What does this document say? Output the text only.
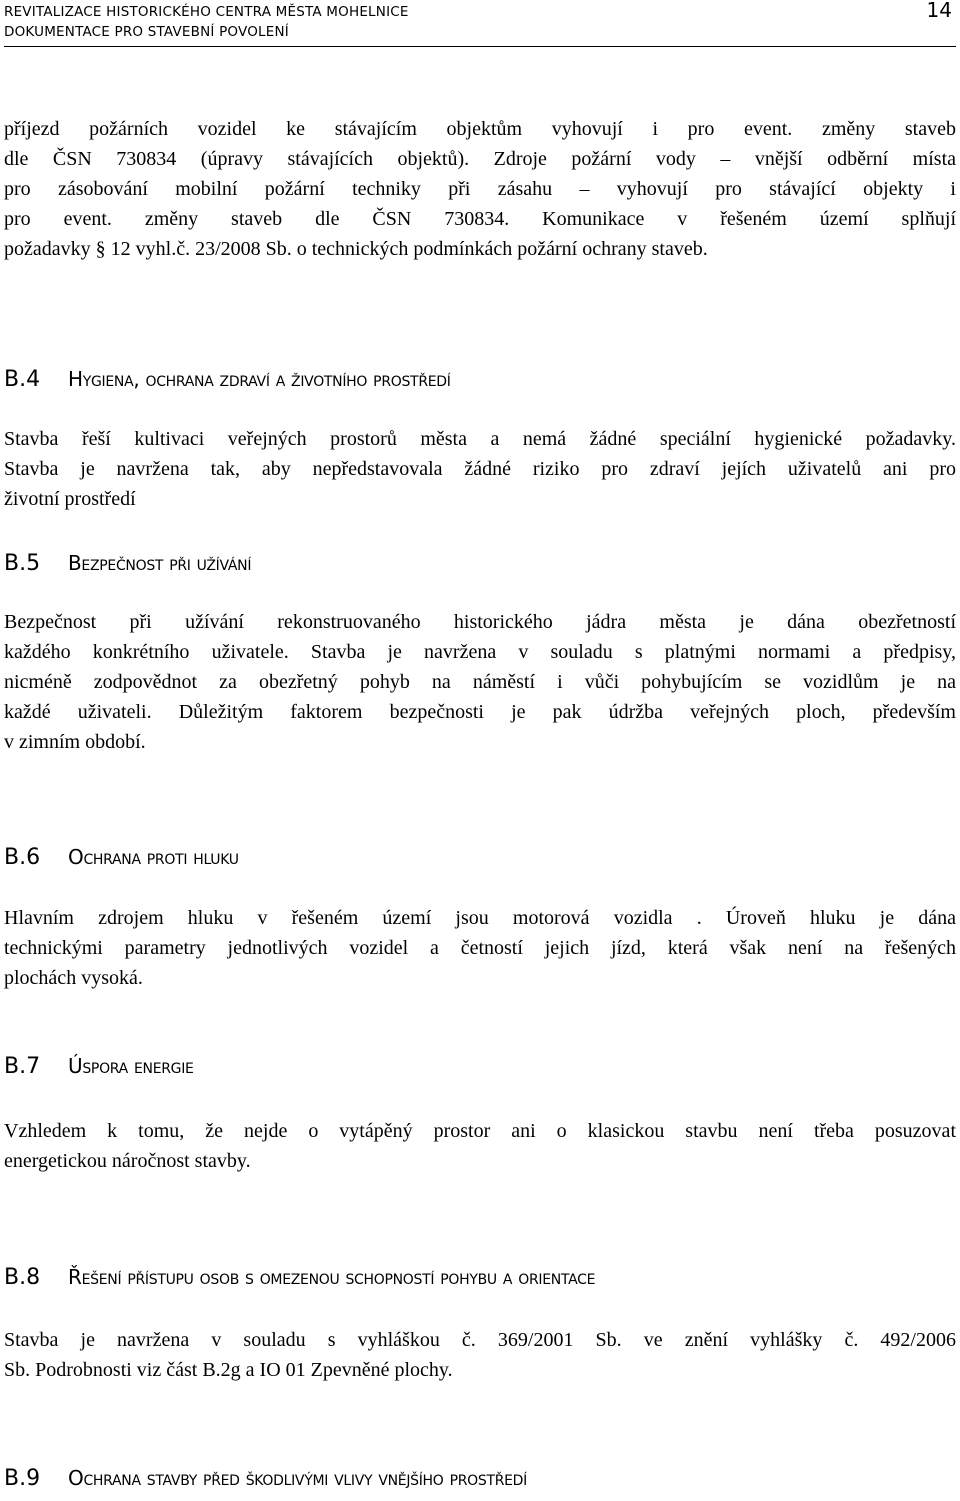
REVITALIZACE HISTORICKÉHO CENTRA MĚSTA MOHELNICE
DOKUMENTACE PRO STAVEBNÍ POVOLENÍ
14
příjezd požárních vozidel ke stávajícím objektům vyhovují i pro event. změny staveb
dle ČSN 730834 (úpravy stávajících objektů). Zdroje požární vody – vnější odběrní místa
pro zásobování mobilní požární techniky při zásahu – vyhovují pro stávající objekty i
pro event. změny staveb dle ČSN 730834. Komunikace v řešeném území splňují
požadavky § 12 vyhl.č. 23/2008 Sb. o technických podmínkách požární ochrany staveb.
B.4 Hygiena, ochrana zdraví a životního prostředí
Stavba řeší kultivaci veřejných prostorů města a nemá žádné speciální hygienické požadavky.
Stavba je navržena tak, aby nepředstavovala žádné riziko pro zdraví jejích uživatelů ani pro
životní prostředí
B.5 Bezpečnost při užívání
Bezpečnost při užívání rekonstruovaného historického jádra města je dána obezřetností
každého konkrétního uživatele. Stavba je navržena v souladu s platnými normami a předpisy,
nicméně zodpovědnot za obezřetný pohyb na náměstí i vůči pohybujícím se vozidlům je na
každé uživateli. Důležitým faktorem bezpečnosti je pak údržba veřejných ploch, především
v zimním období.
B.6 Ochrana proti hluku
Hlavním zdrojem hluku v řešeném území jsou motorová vozidla . Úroveň hluku je dána
technickými parametry jednotlivých vozidel a četností jejich jízd, která však není na řešených
plochách vysoká.
B.7 Úspora energie
Vzhledem k tomu, že nejde o vytápěný prostor ani o klasickou stavbu není třeba posuzovat
energetickou náročnost stavby.
B.8 Řešení přístupu osob s omezenou schopností pohybu a orientace
Stavba je navržena v souladu s vyhláškou č. 369/2001 Sb. ve znění vyhlášky č. 492/2006
Sb. Podrobnosti viz část B.2g a IO 01 Zpevněné plochy.
B.9 Ochrana stavby před škodlivými vlivy vnějšího prostředí
